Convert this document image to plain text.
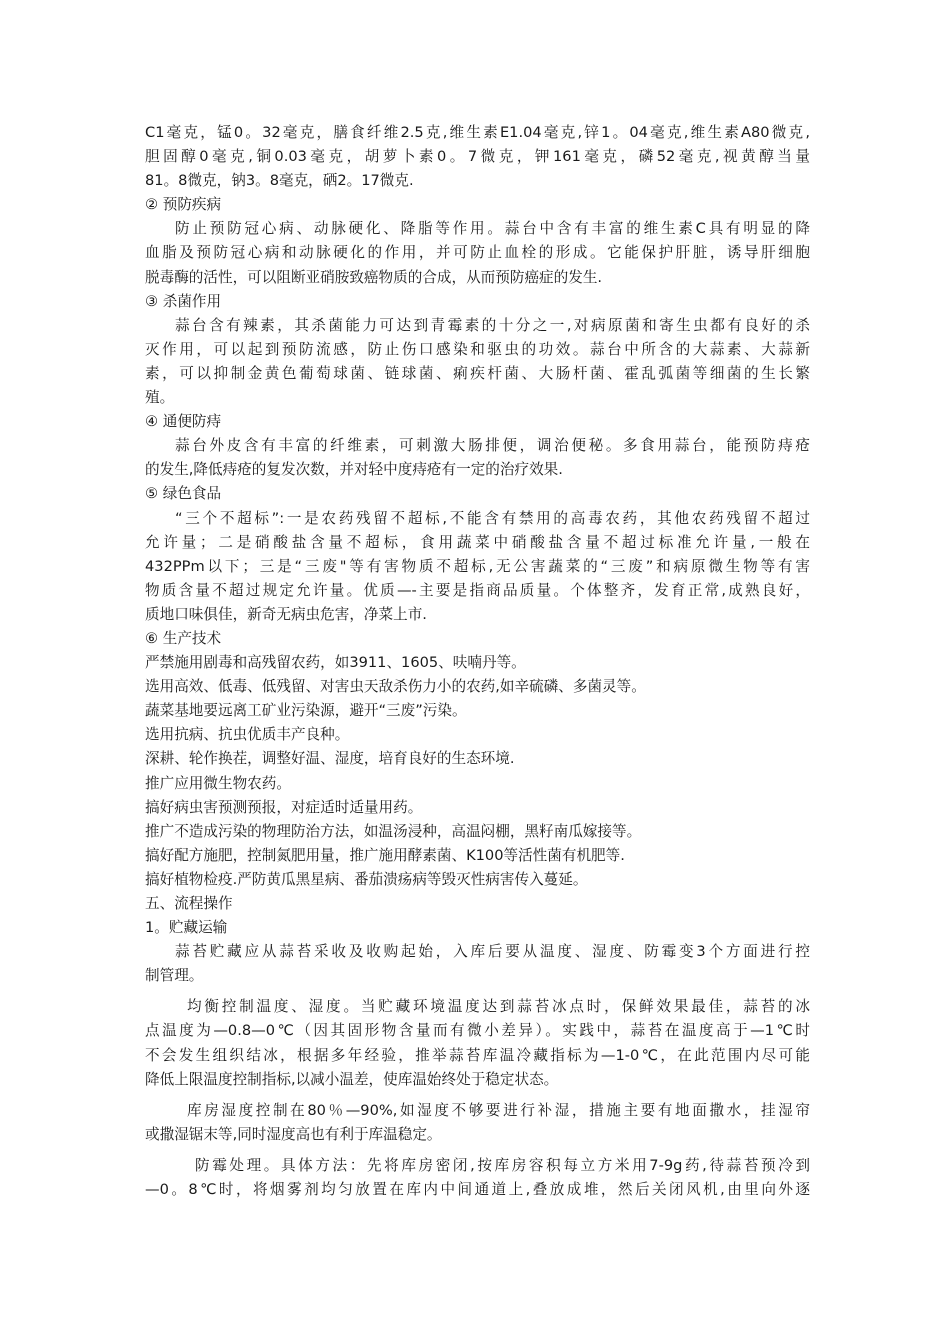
C1毫克，锰0。32毫克，膳食纤维2.5克,维生素E1.04毫克,锌1。04毫克,维生素A80微克,
胆固醇0毫克,铜0.03毫克，胡萝卜素0。7微克，钾161毫克，磷52毫克,视黄醇当量
81。8微克，钠3。8毫克，硒2。17微克.
② 预防疾病
防止预防冠心病、动脉硬化、降脂等作用。蒜台中含有丰富的维生素C具有明显的降
血脂及预防冠心病和动脉硬化的作用，并可防止血栓的形成。它能保护肝脏，诱导肝细胞
脱毒酶的活性，可以阻断亚硝胺致癌物质的合成，从而预防癌症的发生.
③ 杀菌作用
蒜台含有辣素，其杀菌能力可达到青霉素的十分之一,对病原菌和寄生虫都有良好的杀
灭作用，可以起到预防流感，防止伤口感染和驱虫的功效。蒜台中所含的大蒜素、大蒜新
素，可以抑制金黄色葡萄球菌、链球菌、痢疾杆菌、大肠杆菌、霍乱弧菌等细菌的生长繁
殖。
④ 通便防痔
蒜台外皮含有丰富的纤维素，可刺激大肠排便，调治便秘。多食用蒜台，能预防痔疮
的发生,降低痔疮的复发次数，并对轻中度痔疮有一定的治疗效果.
⑤ 绿色食品
“三个不超标”:一是农药残留不超标,不能含有禁用的高毒农药，其他农药残留不超过
允许量；二是硝酸盐含量不超标，食用蔬菜中硝酸盐含量不超过标准允许量,一般在
432PPm以下；三是“三废"等有害物质不超标,无公害蔬菜的“三废”和病原微生物等有害
物质含量不超过规定允许量。优质—-主要是指商品质量。个体整齐，发育正常,成熟良好，
质地口味俱佳，新奇无病虫危害，净菜上市.
⑥ 生产技术
严禁施用剧毒和高残留农药，如3911、1605、呋喃丹等。
选用高效、低毒、低残留、对害虫天敌杀伤力小的农药,如辛硫磷、多菌灵等。
蔬菜基地要远离工矿业污染源，避开“三废”污染。
选用抗病、抗虫优质丰产良种。
深耕、轮作换茬，调整好温、湿度，培育良好的生态环境.
推广应用微生物农药。
搞好病虫害预测预报，对症适时适量用药。
推广不造成污染的物理防治方法，如温汤浸种，高温闷棚，黑籽南瓜嫁接等。
搞好配方施肥，控制氮肥用量，推广施用酵素菌、K100等活性菌有机肥等.
搞好植物检疫.严防黄瓜黑星病、番茄溃疡病等毁灭性病害传入蔓延。
五、流程操作
1。贮藏运输
蒜苔贮藏应从蒜苔采收及收购起始，入库后要从温度、湿度、防霉变3个方面进行控
制管理。
均衡控制温度、湿度。当贮藏环境温度达到蒜苔冰点时，保鲜效果最佳，蒜苔的冰
点温度为—0.8—0℃（因其固形物含量而有微小差异）。实践中，蒜苔在温度高于—1℃时
不会发生组织结冰，根据多年经验，推举蒜苔库温冷藏指标为—1-0℃，在此范围内尽可能
降低上限温度控制指标,以减小温差，使库温始终处于稳定状态。
库房湿度控制在80％—90%,如湿度不够要进行补湿，措施主要有地面撒水，挂湿帘
或撒湿锯末等,同时湿度高也有利于库温稳定。
防霉处理。具体方法：先将库房密闭,按库房容积每立方米用7-9g药,待蒜苔预冷到
—0。8℃时，将烟雾剂均匀放置在库内中间通道上,叠放成堆，然后关闭风机,由里向外逐
